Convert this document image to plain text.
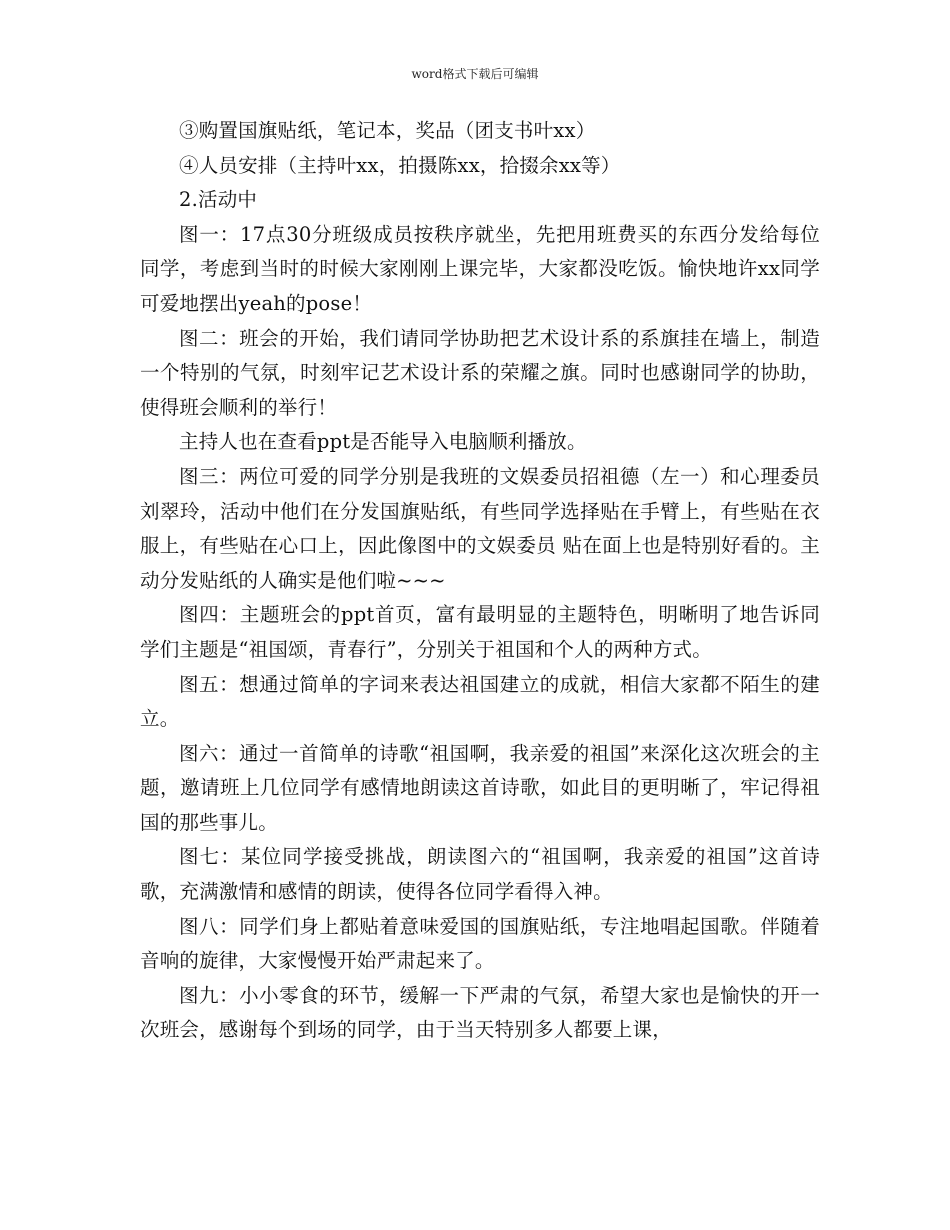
word格式下载后可编辑

③购置国旗贴纸，笔记本，奖品（团支书叶xx）

④人员安排（主持叶xx，拍摄陈xx，拾掇余xx等）

2.活动中

图一：17点30分班级成员按秩序就坐，先把用班费买的东西分发给每位同学，考虑到当时的时候大家刚刚上课完毕，大家都没吃饭。愉快地许xx同学可爱地摆出yeah的pose！

图二：班会的开始，我们请同学协助把艺术设计系的系旗挂在墙上，制造一个特别的气氛，时刻牢记艺术设计系的荣耀之旗。同时也感谢同学的协助，使得班会顺利的举行！

主持人也在查看ppt是否能导入电脑顺利播放。

图三：两位可爱的同学分别是我班的文娱委员招祖德（左一）和心理委员刘翠玲，活动中他们在分发国旗贴纸，有些同学选择贴在手臂上，有些贴在衣服上，有些贴在心口上，因此像图中的文娱委员 贴在面上也是特别好看的。主动分发贴纸的人确实是他们啦~~~

图四：主题班会的ppt首页，富有最明显的主题特色，明晰明了地告诉同学们主题是“祖国颂，青春行”，分别关于祖国和个人的两种方式。

图五：想通过简单的字词来表达祖国建立的成就，相信大家都不陌生的建立。

图六：通过一首简单的诗歌“祖国啊，我亲爱的祖国”来深化这次班会的主题，邀请班上几位同学有感情地朗读这首诗歌，如此目的更明晰了，牢记得祖国的那些事儿。

图七：某位同学接受挑战，朗读图六的“祖国啊，我亲爱的祖国”这首诗歌，充满激情和感情的朗读，使得各位同学看得入神。

图八：同学们身上都贴着意味爱国的国旗贴纸，专注地唱起国歌。伴随着音响的旋律，大家慢慢开始严肃起来了。

图九：小小零食的环节，缓解一下严肃的气氛，希望大家也是愉快的开一次班会，感谢每个到场的同学，由于当天特别多人都要上课，
